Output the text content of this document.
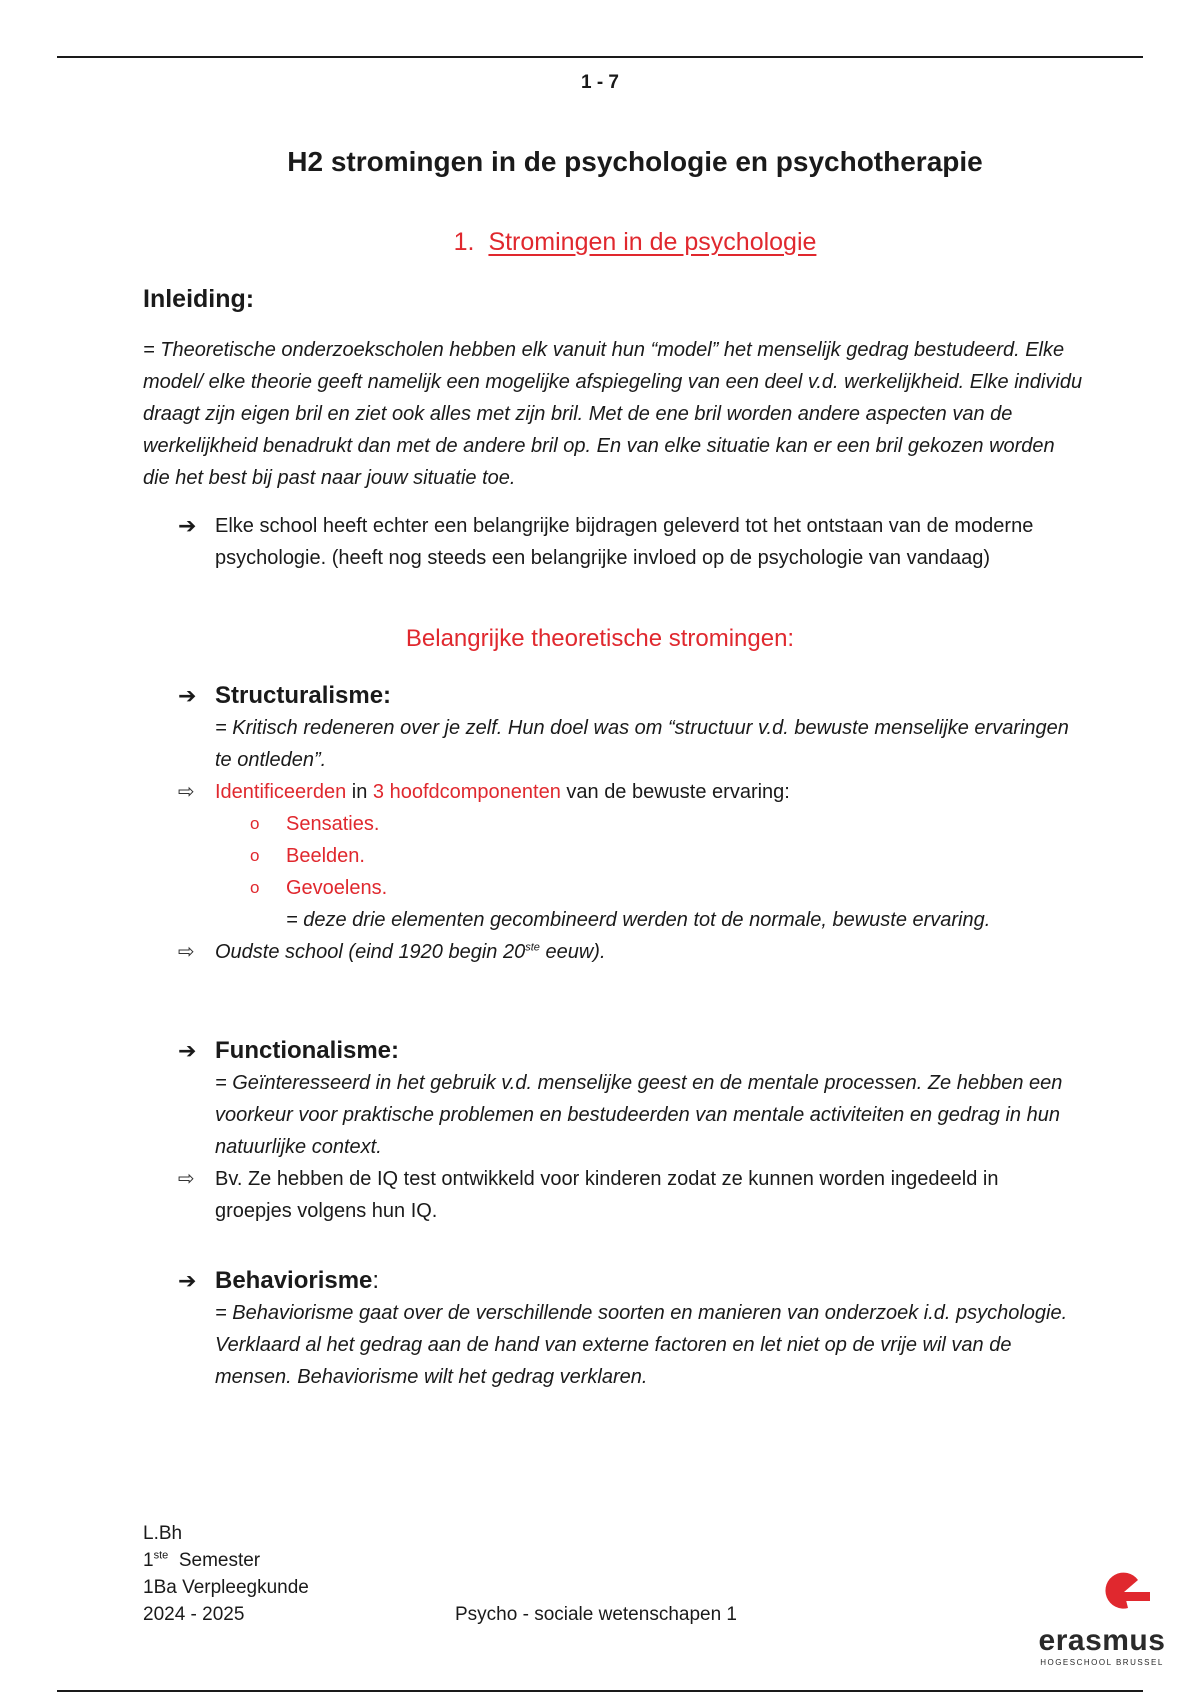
1 - 7
H2 stromingen in de psychologie en psychotherapie
1. Stromingen in de psychologie
Inleiding:
= Theoretische onderzoekscholen hebben elk vanuit hun “model” het menselijk gedrag bestudeerd. Elke model/ elke theorie geeft namelijk een mogelijke afspiegeling van een deel v.d. werkelijkheid. Elke individu draagt zijn eigen bril en ziet ook alles met zijn bril. Met de ene bril worden andere aspecten van de werkelijkheid benadrukt dan met de andere bril op. En van elke situatie kan er een bril gekozen worden die het best bij past naar jouw situatie toe.
➔ Elke school heeft echter een belangrijke bijdragen geleverd tot het ontstaan van de moderne psychologie. (heeft nog steeds een belangrijke invloed op de psychologie van vandaag)
Belangrijke theoretische stromingen:
➔ Structuralisme:
= Kritisch redeneren over je zelf. Hun doel was om “structuur v.d. bewuste menselijke ervaringen te ontleden”.
⇨	Identificeerden in 3 hoofdcomponenten van de bewuste ervaring:
o	Sensaties.
o	Beelden.
o	Gevoelens.
= deze drie elementen gecombineerd werden tot de normale, bewuste ervaring.
⇨	Oudste school (eind 1920 begin 20ste eeuw).
➔ Functionalisme:
= Geïnteresseerd in het gebruik v.d. menselijke geest en de mentale processen. Ze hebben een voorkeur voor praktische problemen en bestudeerden van mentale activiteiten en gedrag in hun natuurlijke context.
⇨	Bv. Ze hebben de IQ test ontwikkeld voor kinderen zodat ze kunnen worden ingedeeld in groepjes volgens hun IQ.
➔ Behaviorisme:
= Behaviorisme gaat over de verschillende soorten en manieren van onderzoek i.d. psychologie. Verklaard al het gedrag aan de hand van externe factoren en let niet op de vrije wil van de mensen. Behaviorisme wilt het gedrag verklaren.
L.Bh
1ste  Semester
1Ba Verpleegkunde
2024 - 2025	Psycho - sociale wetenschapen 1
erasmus
HOGESCHOOL BRUSSEL
